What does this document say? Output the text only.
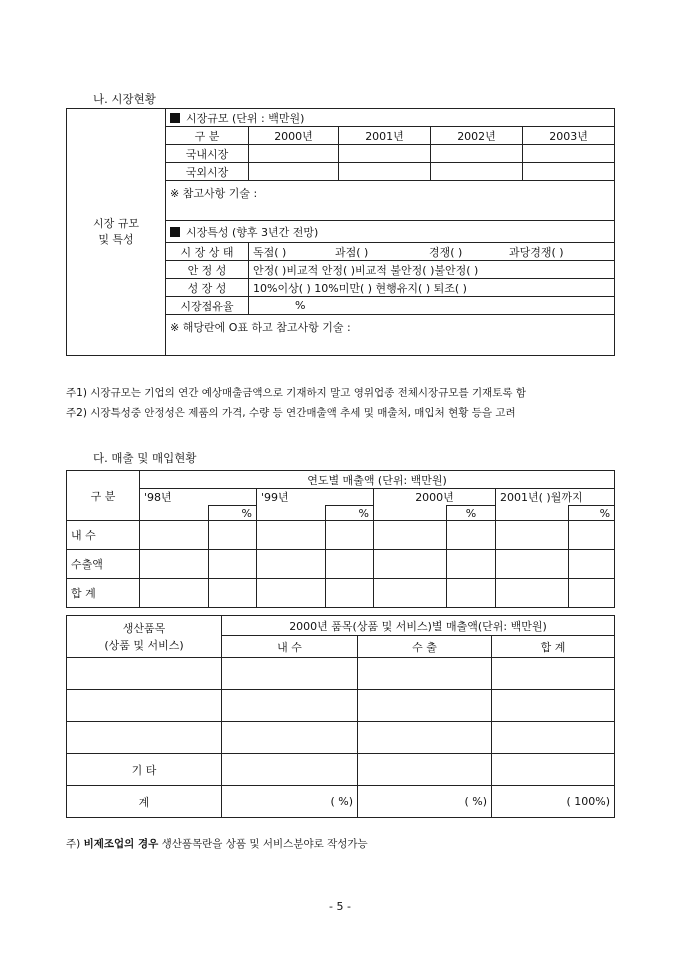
나. 시장현황
시장 규모
및 특성	시장규모 (단위 : 백만원)				
	구 분	2000년	2001년	2002년	2003년
	국내시장				
	국외시장				
	※ 참고사항 기술 :				
	시장특성 (향후 3년간 전망)				
	시 장 상 태	독점( ) 과점( ) 경쟁( ) 과당경쟁( )			
	안 정 성	안정( )비교적 안정( )비교적 불안정( )불안정( )			
	성 장 성	10%이상( ) 10%미만( ) 현행유지( ) 퇴조( )			
	시장점유율	%			
	※ 해당란에 O표 하고 참고사항 기술 :				
주1) 시장규모는 기업의 연간 예상매출금액으로 기재하지 말고 영위업종 전체시장규모를 기재토록 함
주2) 시장특성중 안정성은 제품의 가격, 수량 등 연간매출액 추세 및 매출처, 매입처 현황 등을 고려
다. 매출 및 매입현황
구 분	연도별 매출액 (단위: 백만원)							
	'98년		'99년		2000년		2001년( )월까지	
		%		%		%		%
내 수								
수출액								
합 계								
생산품목
(상품 및 서비스)	2000년 품목(상품 및 서비스)별 매출액(단위: 백만원)		
	내 수	수 출	합 계

기 타			
계	( %)	( %)	( 100%)
주) 비제조업의 경우 생산품목란을 상품 및 서비스분야로 작성가능
- 5 -
